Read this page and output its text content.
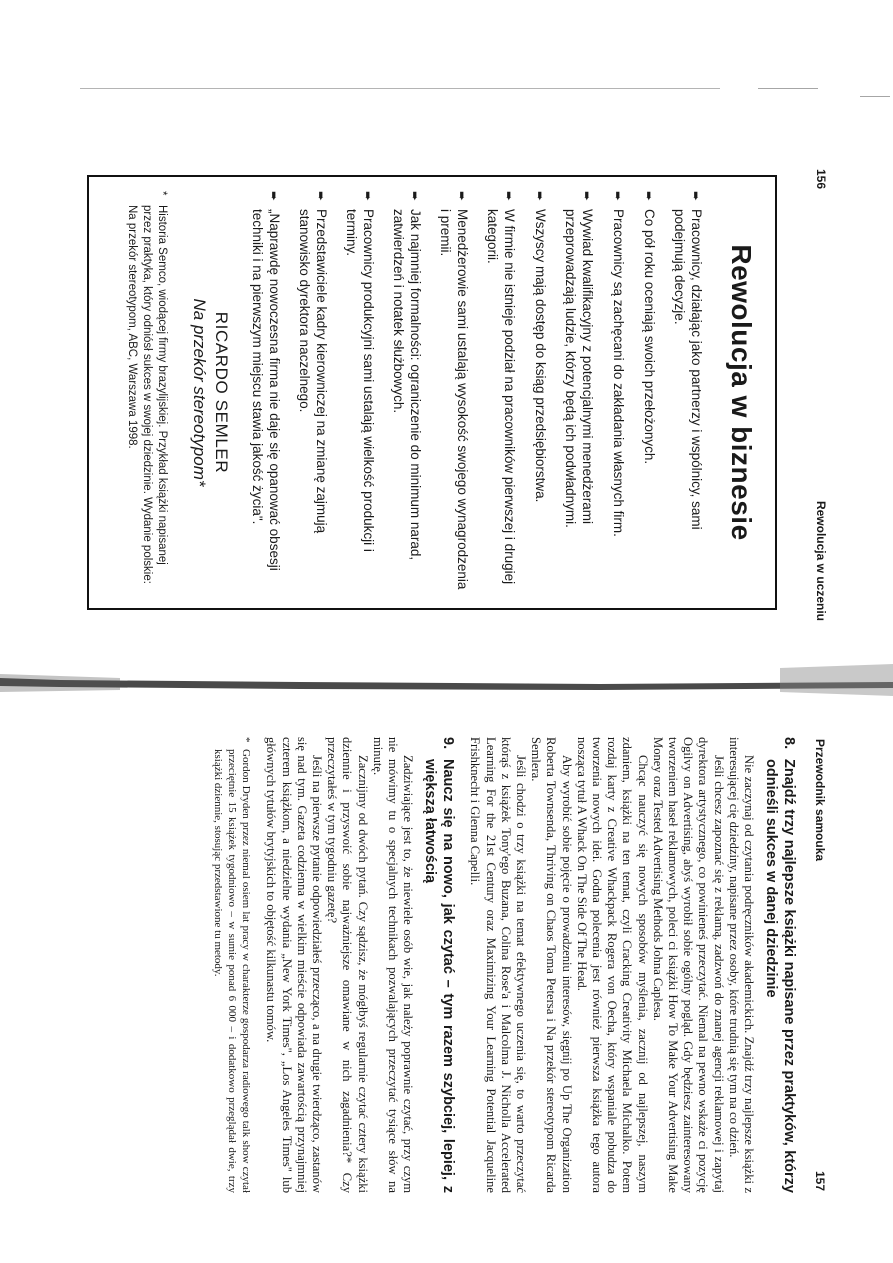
156
Rewolucja w uczeniu
Rewolucja w biznesie
➨
Pracownicy, działając jako partnerzy i wspólnicy, sami podejmują decyzje.
➨
Co pół roku oceniają swoich przełożonych.
➨
Pracownicy są zachęcani do zakładania własnych firm.
➨
Wywiad kwalifikacyjny z potencjalnymi menedżerami przeprowadzają ludzie, którzy będą ich podwładnymi.
➨
Wszyscy mają dostęp do ksiąg przedsiębiorstwa.
➨
W firmie nie istnieje podział na pracowników pierwszej i drugiej kategorii.
➨
Menedżerowie sami ustalają wysokość swojego wynagrodzenia i premii.
➨
Jak najmniej formalności: ograniczenie do minimum narad, zatwierdzeń i notatek służbowych.
➨
Pracownicy produkcyjni sami ustalają wielkość produkcji i terminy.
➨
Przedstawiciele kadry kierowniczej na zmianę zajmują stanowisko dyrektora naczelnego.
➨
„Naprawdę nowoczesna firma nie daje się opanować obsesji techniki i na pierwszym miejscu stawia jakość życia".
RICARDO SEMLER
Na przekór stereotypom*
*
Historia Semco, wiodącej firmy brazylijskiej. Przykład książki napisanej przez praktyka, który odniósł sukces w swojej dziedzinie. Wydanie polskie: Na przekór stereotypom, ABC, Warszawa 1998.
Przewodnik samouka
157
8.
Znajdź trzy najlepsze książki napisane przez praktyków, którzy odnieśli sukces w danej dziedzinie

Nie zaczynaj od czytania podręczników akademickich. Znajdź trzy najlepsze książki z interesującej cię dziedziny, napisane przez osoby, które trudnią się tym na co dzień.

Jeśli chcesz zapoznać się z reklamą, zadzwoń do znanej agencji reklamowej i zapytaj dyrektora artystycznego, co powinieneś przeczytać. Niemal na pewno wskaże ci pozycję Ogilvy on Advertising, abyś wyrobił sobie ogólny pogląd. Gdy będziesz zainteresowany tworzeniem haseł reklamowych, poleci ci książki How To Make Your Advertising Make Money oraz Tested Advertising Methods Johna Caplesa.

Chcąc nauczyć się nowych sposobów myślenia, zacznij od najlepszej, naszym zdaniem, książki na ten temat, czyli Cracking Creativity Michaela Michalko. Potem rozdaj karty z Creative Whackpack Rogera von Oecha, który wspaniale pobudza do tworzenia nowych idei. Godna polecenia jest również pierwsza książka tego autora nosząca tytuł A Whack On The Side Of The Head.

Aby wyrobić sobie pojęcie o prowadzeniu interesów, sięgnij po Up The Organization Roberta Townsenda, Thriving on Chaos Toma Petersa i Na przekór stereotypom Ricarda Semlera.

Jeśli chodzi o trzy książki na temat efektywnego uczenia się, to warto przeczytać którąś z książek Tony'ego Buzana, Colina Rose'a i Malcolma J. Nicholla Accelerated Learning For the 21st Century oraz Maximizing Your Learning Potential Jacqueline Frishknecht i Glenna Capelli.

9.
Naucz się na nowo, jak czytać – tym razem szybciej, lepiej, z większą łatwością

Zadziwiające jest to, że niewiele osób wie, jak należy poprawnie czytać, przy czym nie mówimy tu o specjalnych technikach pozwalających przeczytać tysiące słów na minutę.

Zacznijmy od dwóch pytań. Czy sądzisz, że mógłbyś regularnie czytać cztery książki dziennie i przyswoić sobie najważniejsze omawiane w nich zagadnienia?* Czy przeczytałeś w tym tygodniu gazetę?

Jeśli na pierwsze pytanie odpowiedziałeś przecząco, a na drugie twierdząco, zastanów się nad tym. Gazeta codzienna w wielkim mieście odpowiada zawartością przynajmniej czterem książkom, a niedzielne wydania „New York Times", „Los Angeles Times" lub głównych tytułów brytyjskich to objętość kilkunastu tomów.

*
Gordon Dryden przez niemal osiem lat pracy w charakterze gospodarza radiowego talk show czytał przeciętnie 15 książek tygodniowo – w sumie ponad 6 000 – i dodatkowo przeglądał dwie, trzy książki dziennie, stosując przedstawione tu metody.
